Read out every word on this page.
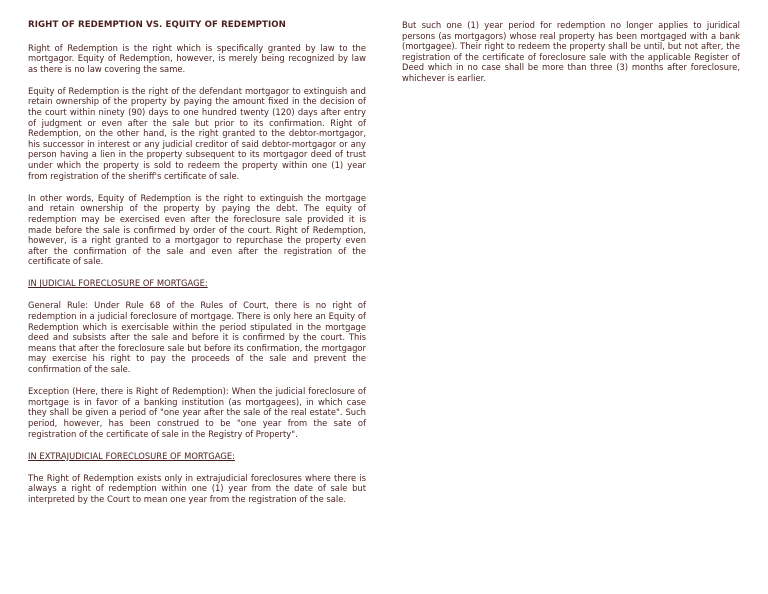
RIGHT OF REDEMPTION VS. EQUITY OF REDEMPTION

Right of Redemption is the right which is specifically granted by law to the mortgagor. Equity of Redemption, however, is merely being recognized by law as there is no law covering the same.

Equity of Redemption is the right of the defendant mortgagor to extinguish and retain ownership of the property by paying the amount fixed in the decision of the court within ninety (90) days to one hundred twenty (120) days after entry of judgment or even after the sale but prior to its confirmation. Right of Redemption, on the other hand, is the right granted to the debtor-mortgagor, his successor in interest or any judicial creditor of said debtor-mortgagor or any person having a lien in the property subsequent to its mortgagor deed of trust under which the property is sold to redeem the property within one (1) year from registration of the sheriff's certificate of sale.

In other words, Equity of Redemption is the right to extinguish the mortgage and retain ownership of the property by paying the debt. The equity of redemption may be exercised even after the foreclosure sale provided it is made before the sale is confirmed by order of the court. Right of Redemption, however, is a right granted to a mortgagor to repurchase the property even after the confirmation of the sale and even after the registration of the certificate of sale.

IN JUDICIAL FORECLOSURE OF MORTGAGE:

General Rule: Under Rule 68 of the Rules of Court, there is no right of redemption in a judicial foreclosure of mortgage. There is only here an Equity of Redemption which is exercisable within the period stipulated in the mortgage deed and subsists after the sale and before it is confirmed by the court. This means that after the foreclosure sale but before its confirmation, the mortgagor may exercise his right to pay the proceeds of the sale and prevent the confirmation of the sale.

Exception (Here, there is Right of Redemption): When the judicial foreclosure of mortgage is in favor of a banking institution (as mortgagees), in which case they shall be given a period of "one year after the sale of the real estate". Such period, however, has been construed to be "one year from the sate of registration of the certificate of sale in the Registry of Property".

IN EXTRAJUDICIAL FORECLOSURE OF MORTGAGE:

The Right of Redemption exists only in extrajudicial foreclosures where there is always a right of redemption within one (1) year from the date of sale but interpreted by the Court to mean one year from the registration of the sale.

But such one (1) year period for redemption no longer applies to juridical persons (as mortgagors) whose real property has been mortgaged with a bank (mortgagee). Their right to redeem the property shall be until, but not after, the registration of the certificate of foreclosure sale with the applicable Register of Deed which in no case shall be more than three (3) months after foreclosure, whichever is earlier.
